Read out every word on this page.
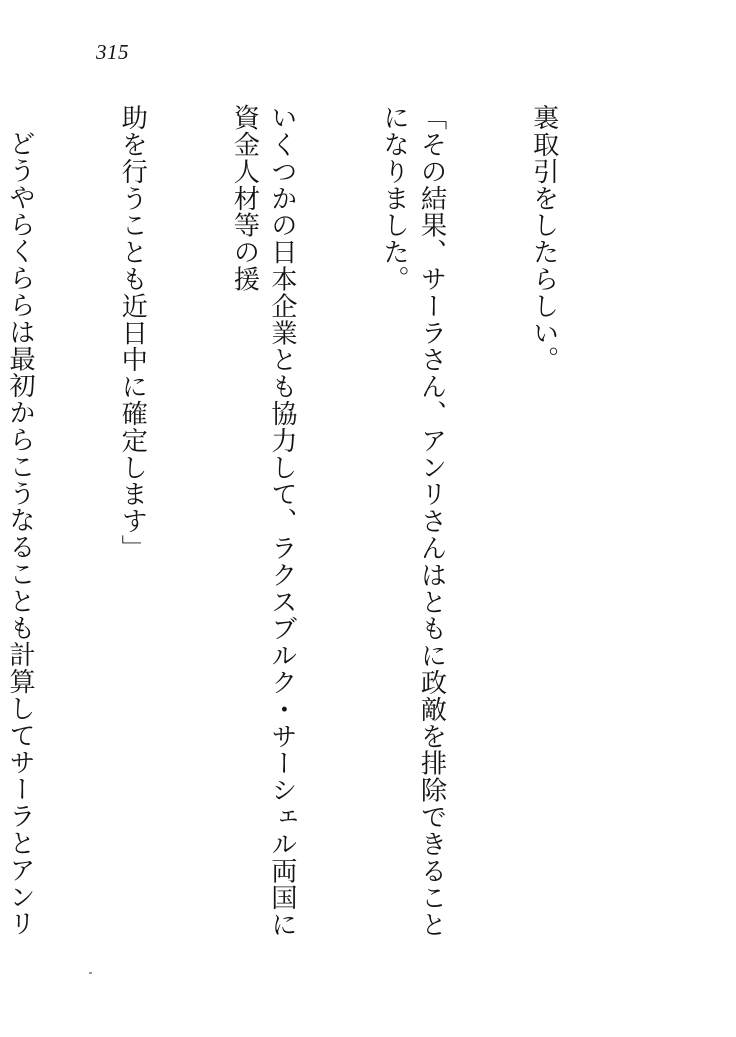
315

裏取引をしたらしい。

「その結果、サーラさん、アンリさんはともに政敵を排除できることになりました。

いくつかの日本企業とも協力して、ラクスブルク・サーシェル両国に資金人材等の援

助を行うことも近日中に確定します」

どうやらくららは最初からこうなることも計算してサーラとアンリ
